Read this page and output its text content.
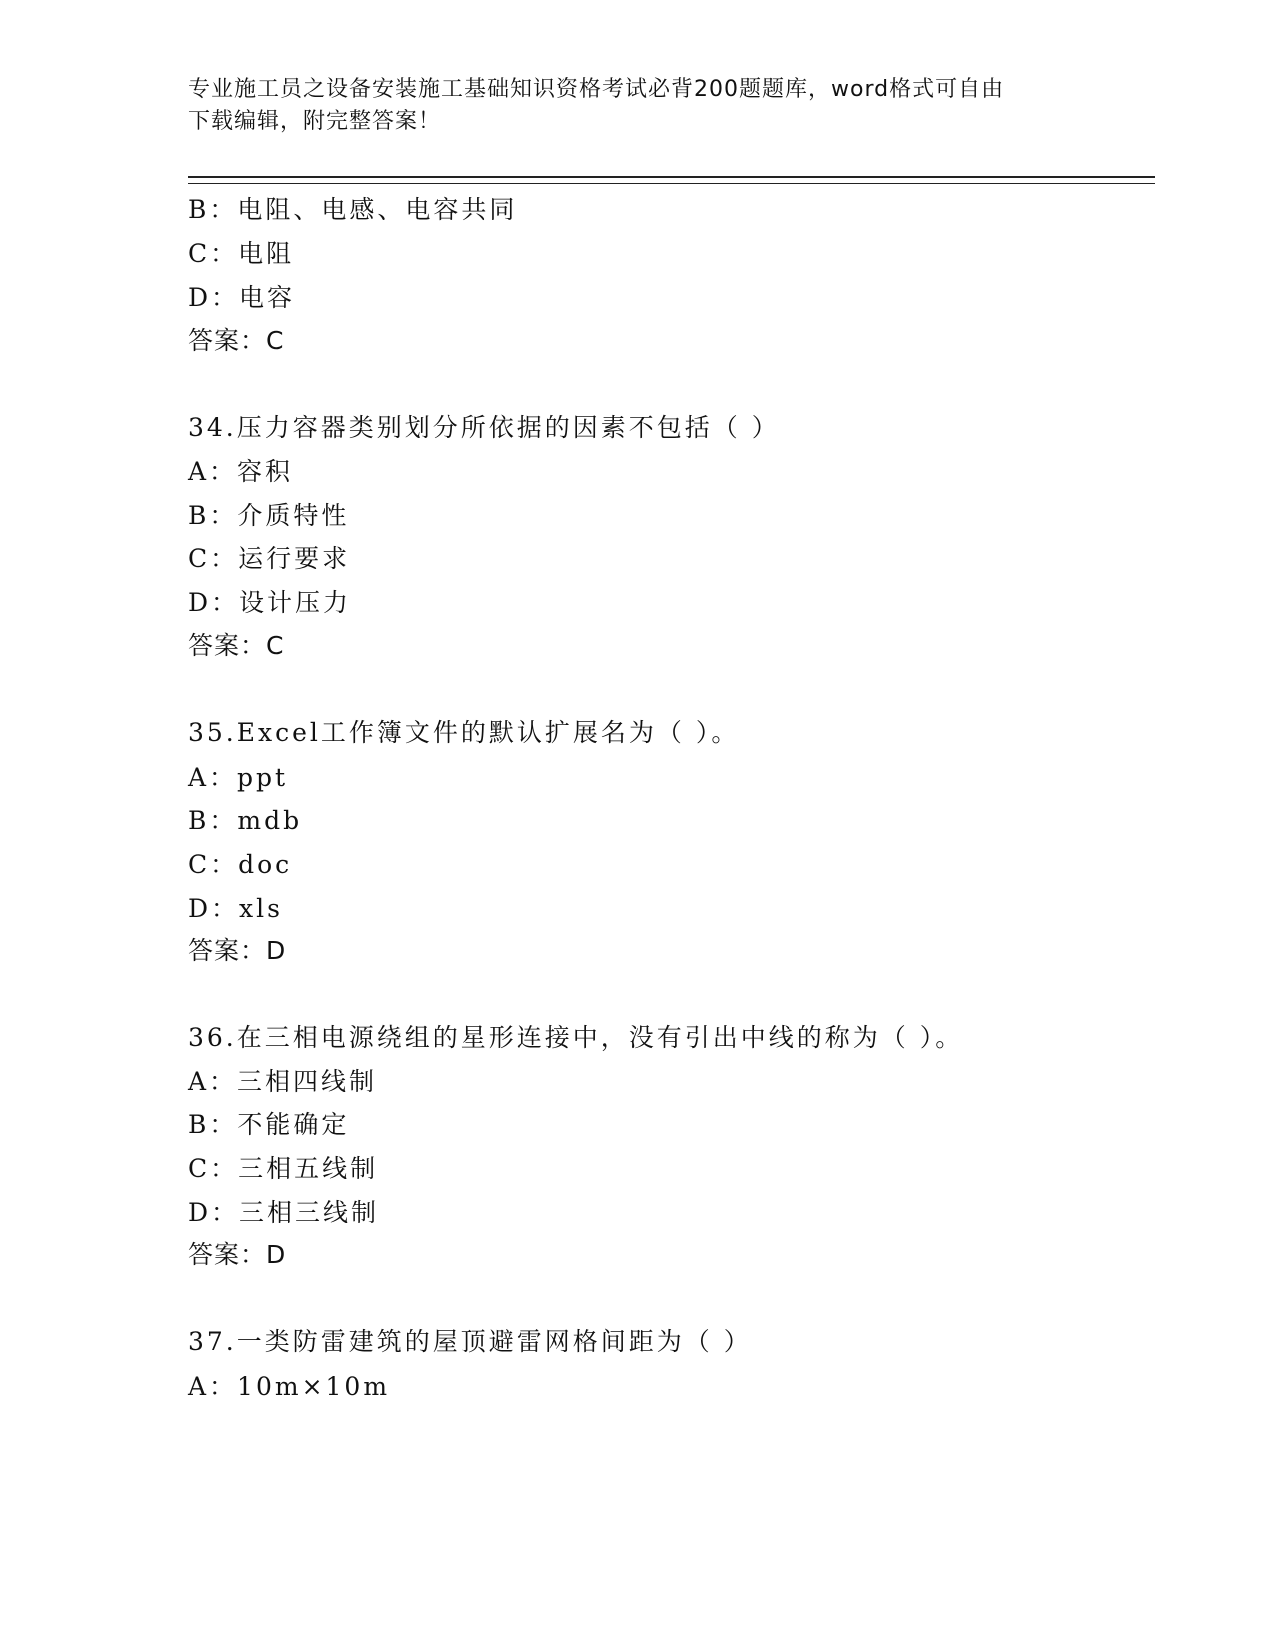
专业施工员之设备安装施工基础知识资格考试必背200题题库，word格式可自由
下载编辑，附完整答案！
B：电阻、电感、电容共同
C：电阻
D：电容
答案：C
34.压力容器类别划分所依据的因素不包括（ ）
A：容积
B：介质特性
C：运行要求
D：设计压力
答案：C
35.Excel工作簿文件的默认扩展名为（ ）。
A：ppt
B：mdb
C：doc
D：xls
答案：D
36.在三相电源绕组的星形连接中，没有引出中线的称为（ ）。
A：三相四线制
B：不能确定
C：三相五线制
D：三相三线制
答案：D
37.一类防雷建筑的屋顶避雷网格间距为（ ）
A：10m×10m
